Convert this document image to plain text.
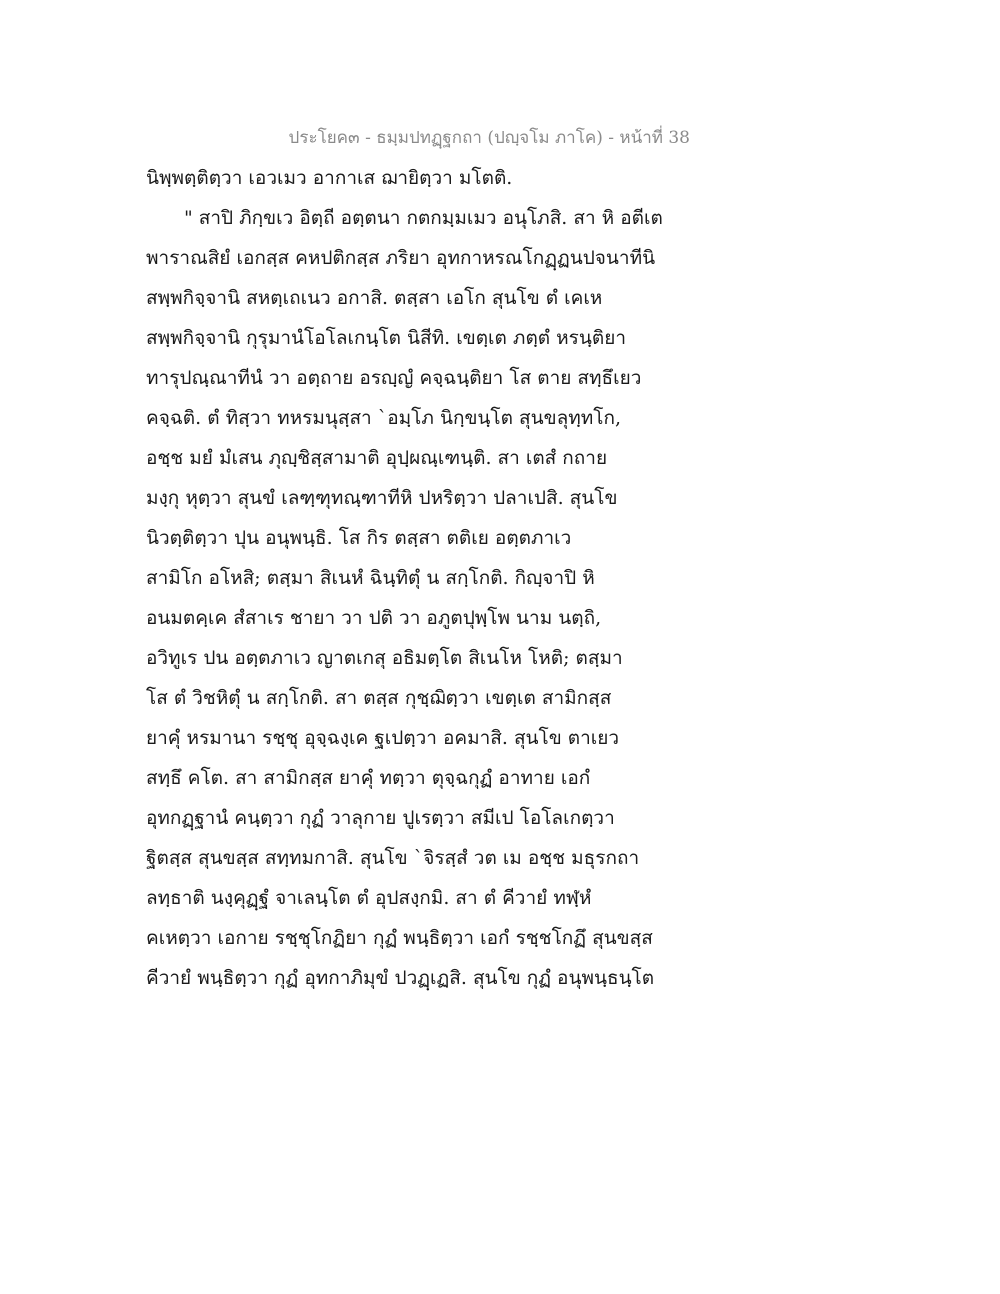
ประโยค๓ - ธมฺมปทฏฺฐกถา (ปญฺจโม ภาโค) - หน้าที่ 38
นิพฺพตฺติตฺวา เอวเมว อากาเส ฌายิตฺวา มโตติ.
" สาปิ ภิกฺขเว อิตฺถี อตฺตนา กตกมฺมเมว อนุโภสิ. สา หิ อตีเต
พาราณสิยํ เอกสฺส คหปติกสฺส ภริยา อุทกาหรณโกฏฺฏนปจนาทีนิ
สพฺพกิจฺจานิ สหตฺเถเนว อกาสิ. ตสฺสา เอโก สุนโข ตํ เคเห
สพฺพกิจฺจานิ กุรุมานํโอโลเกนฺโต นิสีทิ. เขตฺเต ภตฺตํ หรนฺติยา
ทารุปณฺณาทีนํ วา อตฺถาย อรญฺญํ คจฺฉนฺติยา โส ตาย สทฺธึเยว
คจฺฉติ. ตํ ทิสฺวา ทหรมนุสฺสา `อมฺโภ นิกฺขนฺโต สุนขลุทฺทโก,
อชฺช มยํ มํเสน ภุญฺชิสฺสามาติ อุปฺผณฺเฑนฺติ. สา เตสํ กถาย
มงฺกุ หุตฺวา สุนขํ เลฑฺฑุทณฺฑาทีหิ ปหริตฺวา ปลาเปสิ. สุนโข
นิวตฺติตฺวา ปุน อนุพนฺธิ. โส กิร ตสฺสา ตติเย อตฺตภาเว
สามิโก อโหสิ; ตสฺมา สิเนหํ ฉินฺทิตุํ น สกฺโกติ. กิญฺจาปิ หิ
อนมตคฺเค สํสาเร ชายา วา ปติ วา อภูตปุพฺโพ นาม นตฺถิ,
อวิทูเร ปน อตฺตภาเว ญาตเกสุ อธิมตฺโต สิเนโห โหติ; ตสฺมา
โส ตํ วิชหิตุํ น สกฺโกติ. สา ตสฺส กุชฺฌิตฺวา เขตฺเต สามิกสฺส
ยาคุํ หรมานา รชฺชุ อุจฺฉงฺเค ฐเปตฺวา อคมาสิ. สุนโข ตาเยว
สทฺธึ คโต. สา สามิกสฺส ยาคุํ ทตฺวา ตุจฺฉกุฏํ อาทาย เอกํ
อุทกฏฺฐานํ คนฺตฺวา กุฏํ วาลุกาย ปูเรตฺวา สมีเป โอโลเกตฺวา
ฐิตสฺส สุนขสฺส สทฺทมกาสิ. สุนโข `จิรสฺสํ วต เม อชฺช มธุรกถา
ลทฺธาติ นงฺคุฏฺฐํ จาเลนฺโต ตํ อุปสงฺกมิ. สา ตํ คีวายํ ทฬฺหํ
คเหตฺวา เอกาย รชฺชุโกฏิยา กุฏํ พนฺธิตฺวา เอกํ รชฺชโกฏึ สุนขสฺส
คีวายํ พนฺธิตฺวา กุฏํ อุทกาภิมุขํ ปวฏฺเฏสิ. สุนโข กุฏํ อนุพนฺธนฺโต
